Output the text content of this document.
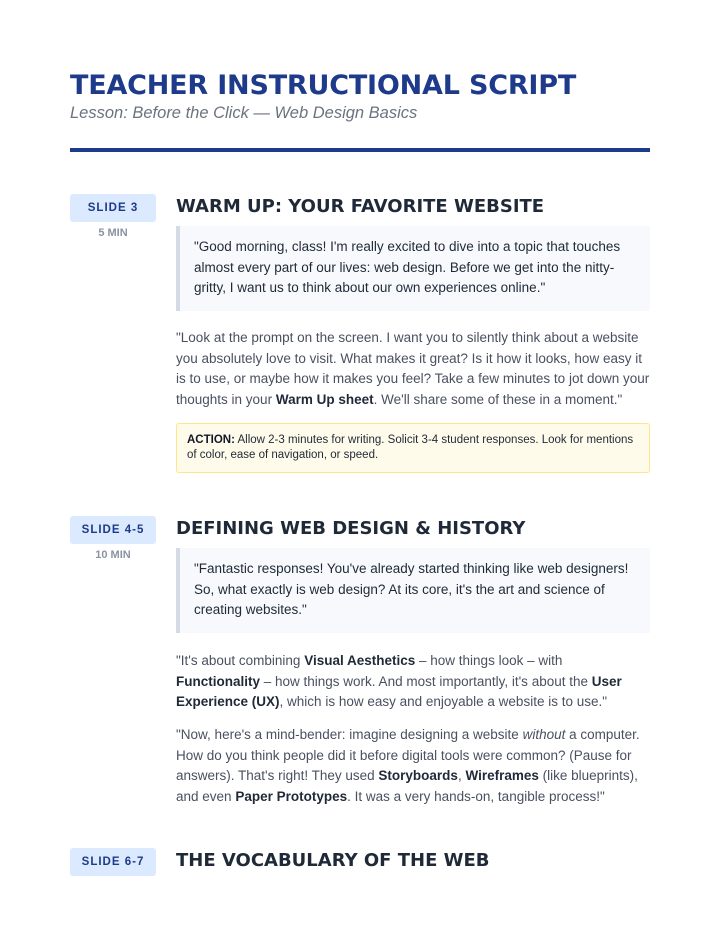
TEACHER INSTRUCTIONAL SCRIPT
Lesson: Before the Click — Web Design Basics
SLIDE 3
5 MIN
WARM UP: YOUR FAVORITE WEBSITE
"Good morning, class! I'm really excited to dive into a topic that touches almost every part of our lives: web design. Before we get into the nitty-gritty, I want us to think about our own experiences online."

"Look at the prompt on the screen. I want you to silently think about a website you absolutely love to visit. What makes it great? Is it how it looks, how easy it is to use, or maybe how it makes you feel? Take a few minutes to jot down your thoughts in your Warm Up sheet. We'll share some of these in a moment."

ACTION: Allow 2-3 minutes for writing. Solicit 3-4 student responses. Look for mentions of color, ease of navigation, or speed.
SLIDE 4-5
10 MIN
DEFINING WEB DESIGN & HISTORY
"Fantastic responses! You've already started thinking like web designers! So, what exactly is web design? At its core, it's the art and science of creating websites."

"It's about combining Visual Aesthetics – how things look – with Functionality – how things work. And most importantly, it's about the User Experience (UX), which is how easy and enjoyable a website is to use."

"Now, here's a mind-bender: imagine designing a website without a computer. How do you think people did it before digital tools were common? (Pause for answers). That's right! They used Storyboards, Wireframes (like blueprints), and even Paper Prototypes. It was a very hands-on, tangible process!"

SLIDE 6-7	THE VOCABULARY OF THE WEB
